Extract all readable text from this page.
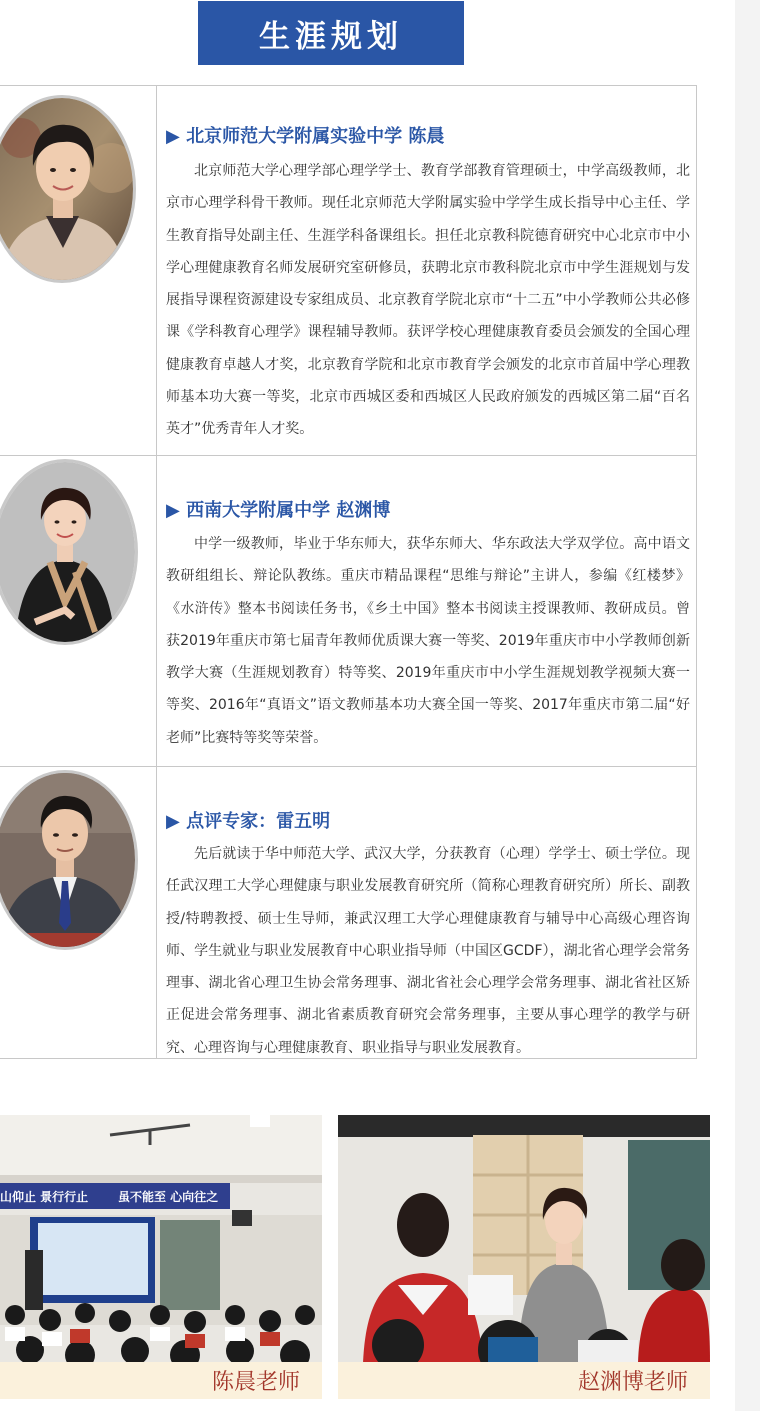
生涯规划
▶ 北京师范大学附属实验中学 陈晨

北京师范大学心理学部心理学学士、教育学部教育管理硕士，中学高级教师，北京市心理学科骨干教师。现任北京师范大学附属实验中学学生成长指导中心主任、学生教育指导处副主任、生涯学科备课组长。担任北京教科院德育研究中心北京市中小学心理健康教育名师发展研究室研修员，获聘北京市教科院北京市中学生涯规划与发展指导课程资源建设专家组成员、北京教育学院北京市“十二五”中小学教师公共必修课《学科教育心理学》课程辅导教师。获评学校心理健康教育委员会颁发的全国心理健康教育卓越人才奖，北京教育学院和北京市教育学会颁发的北京市首届中学心理教师基本功大赛一等奖，北京市西城区委和西城区人民政府颁发的西城区第二届“百名英才”优秀青年人才奖。

▶ 西南大学附属中学 赵渊博

中学一级教师，毕业于华东师大，获华东师大、华东政法大学双学位。高中语文教研组组长、辩论队教练。重庆市精品课程“思维与辩论”主讲人，参编《红楼梦》《水浒传》整本书阅读任务书，《乡土中国》整本书阅读主授课教师、教研成员。曾获2019年重庆市第七届青年教师优质课大赛一等奖、2019年重庆市中小学教师创新教学大赛（生涯规划教育）特等奖、2019年重庆市中小学生涯规划教学视频大赛一等奖、2016年“真语文”语文教师基本功大赛全国一等奖、2017年重庆市第二届“好老师”比赛特等奖等荣誉。

▶ 点评专家：雷五明

先后就读于华中师范大学、武汉大学，分获教育（心理）学学士、硕士学位。现任武汉理工大学心理健康与职业发展教育研究所（简称心理教育研究所）所长、副教授/特聘教授、硕士生导师，兼武汉理工大学心理健康教育与辅导中心高级心理咨询师、学生就业与职业发展教育中心职业指导师（中国区GCDF），湖北省心理学会常务理事、湖北省心理卫生协会常务理事、湖北省社会心理学会常务理事、湖北省社区矫正促进会常务理事、湖北省素质教育研究会常务理事，主要从事心理学的教学与研究、心理咨询与心理健康教育、职业指导与职业发展教育。

山仰止 景行行止	虽不能至 心向往之
陈晨老师	赵渊博老师
